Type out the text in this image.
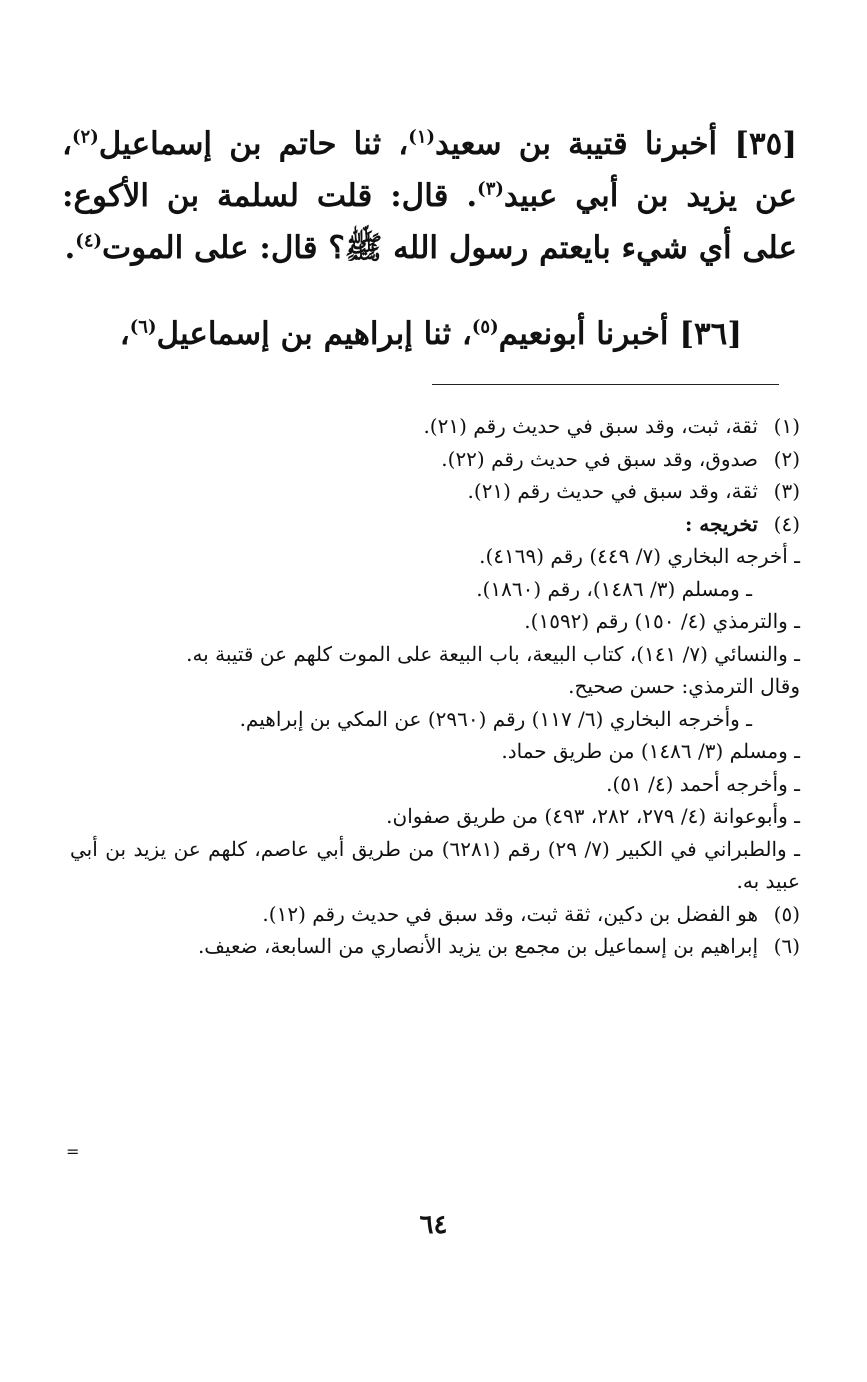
[٣٥] أخبرنا قتيبة بن سعيد$^{(١)}$، ثنا حاتم بن إسماعيل$^{(٢)}$، عن يزيد بن أبي عبيد$^{(٣)}$. قال: قلت لسلمة بن الأكوع: على أي شيء بايعتم رسول الله ﷺ؟ قال: على الموت$^{(٤)}$.

[٣٦] أخبرنا أبونعيم$^{(٥)}$، ثنا إبراهيم بن إسماعيل$^{(٦)}$،

(١)
ثقة، ثبت، وقد سبق في حديث رقم (٢١).
(٢)
صدوق، وقد سبق في حديث رقم (٢٢).
(٣)
ثقة، وقد سبق في حديث رقم (٢١).
(٤)
تخريجه :
ـ أخرجه البخاري (٧/ ٤٤٩) رقم (٤١٦٩).
ـ ومسلم (٣/ ١٤٨٦)، رقم (١٨٦٠).
ـ والترمذي (٤/ ١٥٠) رقم (١٥٩٢).
ـ والنسائي (٧/ ١٤١)، كتاب البيعة، باب البيعة على الموت كلهم عن قتيبة به.
وقال الترمذي: حسن صحيح.
ـ وأخرجه البخاري (٦/ ١١٧) رقم (٢٩٦٠) عن المكي بن إبراهيم.
ـ ومسلم (٣/ ١٤٨٦) من طريق حماد.
ـ وأخرجه أحمد (٤/ ٥١).
ـ وأبوعوانة (٤/ ٢٧٩، ٢٨٢، ٤٩٣) من طريق صفوان.
ـ والطبراني في الكبير (٧/ ٢٩) رقم (٦٢٨١) من طريق أبي عاصم، كلهم عن يزيد بن أبي عبيد به.
(٥)
هو الفضل بن دكين، ثقة ثبت، وقد سبق في حديث رقم (١٢).
(٦)
إبراهيم بن إسماعيل بن مجمع بن يزيد الأنصاري من السابعة، ضعيف.
=
٦٤
